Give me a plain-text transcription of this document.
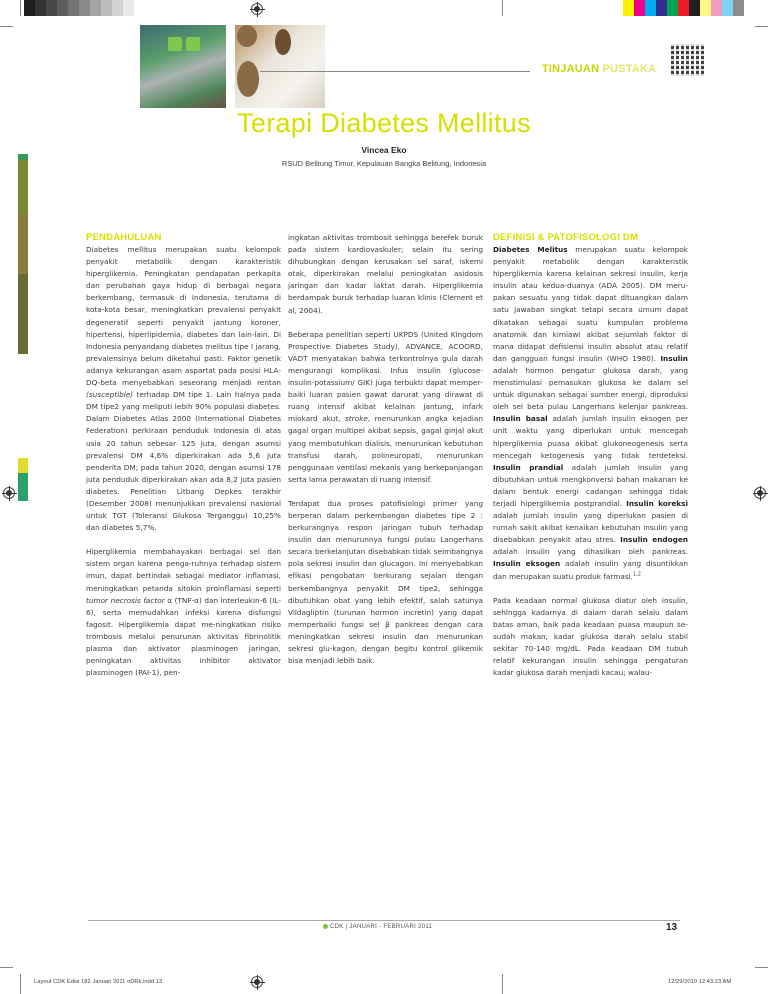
TINJAUAN PUSTAKA
Terapi Diabetes Mellitus
Vincea Eko
RSUD Belitung Timur, Kepulauan Bangka Belitung, Indonesia
PENDAHULUAN

Diabetes mellitus merupakan suatu kelompok penyakit metabolik dengan karakteristik hiperglikemia. Peningkatan pendapatan perkapita dan perubahan gaya hidup di berbagai negara berkembang, termasuk di Indonesia, terutama di kota-kota besar, meningkatkan prevalensi penyakit degeneratif seperti penyakit jantung koroner, hipertensi, hiperlipidemia, diabetes dan lain-lain. Di Indonesia penyandang diabetes melitus tipe I jarang, prevalensinya belum diketahui pasti. Faktor genetik adanya kekurangan asam aspartat pada posisi HLA-DQ-beta menyebabkan seseorang menjadi rentan (susceptible) terhadap DM tipe 1. Lain halnya pada DM tipe2 yang meliputi lebih 90% populasi diabetes. Dalam Diabetes Atlas 2000 (International Diabetes Federation) perkiraan penduduk Indonesia di atas usia 20 tahun sebesar 125 juta, dengan asumsi prevalensi DM 4,6% diperkirakan ada 5,6 juta penderita DM; pada tahun 2020, dengan asumsi 178 juta penduduk diperkirakan akan ada 8,2 juta pasien diabetes. Penelitian Litbang Depkes terakhir (Desember 2008) menunjukkan prevalensi nasional untuk TGT (Toleransi Glukosa Terganggu) 10,25% dan diabetes 5,7%.

Hiperglikemia membahayakan berbagai sel dan sistem organ karena penga-ruhnya terhadap sistem imun, dapat bertindak sebagai mediator inflamasi, meningkatkan petanda sitokin proinflamasi seperti tumor necrosis factor α (TNF-α) dan interleukin-6 (IL-6), serta memudahkan infeksi karena disfungsi fagosit. Hiperglikemia dapat me-ningkatkan risiko trombosis melalui penurunan aktivitas fibrinolitik plasma dan aktivator plasminogen jaringan, peningkatan aktivitas inhibitor aktivator plasminogen (PAI-1), pen-

ingkatan aktivitas trombosit sehingga berefek buruk pada sistem kardiovaskuler; selain itu sering dihubungkan dengan kerusakan sel saraf, iskemi otak, diperkirakan melalui peningkatan asidosis jaringan dan kadar laktat darah. Hiperglikemia berdampak buruk terhadap luaran klinis (Clement et al, 2004).

Beberapa penelitian seperti UKPDS (United Kingdom Prospective Diabetes Study), ADVANCE, ACOORD, VADT menyatakan bahwa terkontrolnya gula darah mengurangi komplikasi. Infus insulin (glucose-insulin-potassium/ GIK) juga terbukti dapat memperbaiki luaran pasien gawat darurat yang dirawat di ruang intensif akibat kelainan jantung, infark miokard akut, stroke, menurunkan angka kejadian gagal organ multipel akibat sepsis, gagal ginjal akut yang membutuhkan dialisis, menurunkan kebutuhan transfusi darah, polineuropati, menurunkan penggunaan ventilasi mekanis yang berkepanjangan serta lama perawatan di ruang intensif.

Terdapat dua proses patofisiologi primer yang berperan dalam perkembangan diabetes tipe 2 : berkurangnya respon jaringan tubuh terhadap insulin dan menurunnya fungsi pulau Langerhans secara berkelanjutan disebabkan tidak seimbangnya pola sekresi insulin dan glucagon. Ini menyebabkan efikasi pengobatan berkurang sejalan dengan berkembangnya penyakit DM tipe2, sehingga dibutuhkan obat yang lebih efektif, salah satunya Vildagliptin (turunan hormon incretin) yang dapat memperbaiki fungsi sel β pankreas dengan cara meningkatkan sekresi insulin dan menurunkan sekresi glu-kagon, dengan begitu kontrol glikemik bisa menjadi lebih baik.

DEFINISI & PATOFISOLOGI DM

Diabetes Melitus merupakan suatu kelompok penyakit metabolik dengan karakteristik hiperglikemia karena kelainan sekresi insulin, kerja insulin atau kedua-duanya (ADA 2005). DM merupakan sesuatu yang tidak dapat dituangkan dalam satu jawaban singkat tetapi secara umum dapat dikatakan sebagai suatu kumpulan problema anatomik dan kimiawi akibat sejumlah faktor di mana didapat defisiensi insulin absolut atau relatif dan gangguan fungsi insulin (WHO 1980). Insulin adalah hormon pengatur glukosa darah, yang menstimulasi pemasukan glukosa ke dalam sel untuk digunakan sebagai sumber energi, diproduksi oleh sel beta pulau Langerhans kelenjar pankreas. Insulin basal adalah jumlah insulin eksogen per unit waktu yang diperlukan untuk mencegah hiperglikemia puasa akibat glukoneogenesis serta mencegah ketogenesis yang tidak terdeteksi. Insulin prandial adalah jumlah insulin yang dibutuhkan untuk mengkonversi bahan makanan ke dalam bentuk energi cadangan sehingga tidak terjadi hiperglikemia postprandial. Insulin koreksi adalah jumlah insulin yang diperlukan pasien di rumah sakit akibat kenaikan kebutuhan insulin yang disebabkan penyakit atau stres. Insulin endogen adalah insulin yang dihasilkan oleh pankreas. Insulin eksogen adalah insulin yang disuntikkan dan merupakan suatu produk farmasi.$^{1,2}$

Pada keadaan normal glukosa diatur oleh insulin, sehingga kadarnya di dalam darah selalu dalam batas aman, baik pada keadaan puasa maupun sesudah makan; kadar glukosa darah selalu stabil sekitar 70-140 mg/dL. Pada keadaan DM tubuh relatif kekurangan insulin sehingga pengaturan kadar glukosa darah menjadi kacau; walau-

CDK | JANUARI - FEBRUARI 2011	13
Layout CDK Edisi 182 Januari 2011 oDRk.indd 13	12/29/2010 12:43:23 AM
